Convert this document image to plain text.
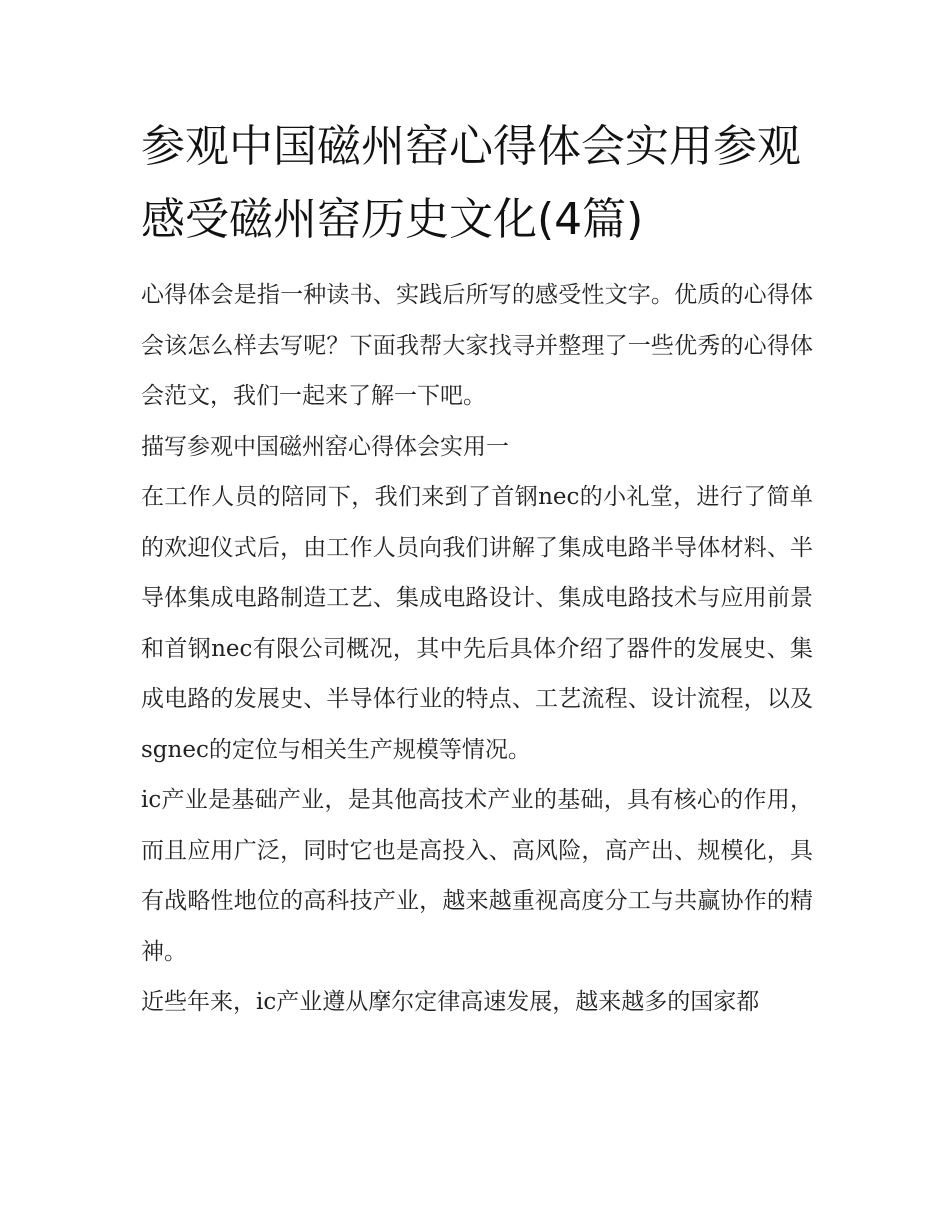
参观中国磁州窑心得体会实用参观感受磁州窑历史文化(4篇)

心得体会是指一种读书、实践后所写的感受性文字。优质的心得体会该怎么样去写呢？下面我帮大家找寻并整理了一些优秀的心得体会范文，我们一起来了解一下吧。

描写参观中国磁州窑心得体会实用一

在工作人员的陪同下，我们来到了首钢nec的小礼堂，进行了简单的欢迎仪式后，由工作人员向我们讲解了集成电路半导体材料、半导体集成电路制造工艺、集成电路设计、集成电路技术与应用前景和首钢nec有限公司概况，其中先后具体介绍了器件的发展史、集成电路的发展史、半导体行业的特点、工艺流程、设计流程，以及sgnec的定位与相关生产规模等情况。

ic产业是基础产业，是其他高技术产业的基础，具有核心的作用，而且应用广泛，同时它也是高投入、高风险，高产出、规模化，具有战略性地位的高科技产业，越来越重视高度分工与共赢协作的精神。

近些年来，ic产业遵从摩尔定律高速发展，越来越多的国家都
